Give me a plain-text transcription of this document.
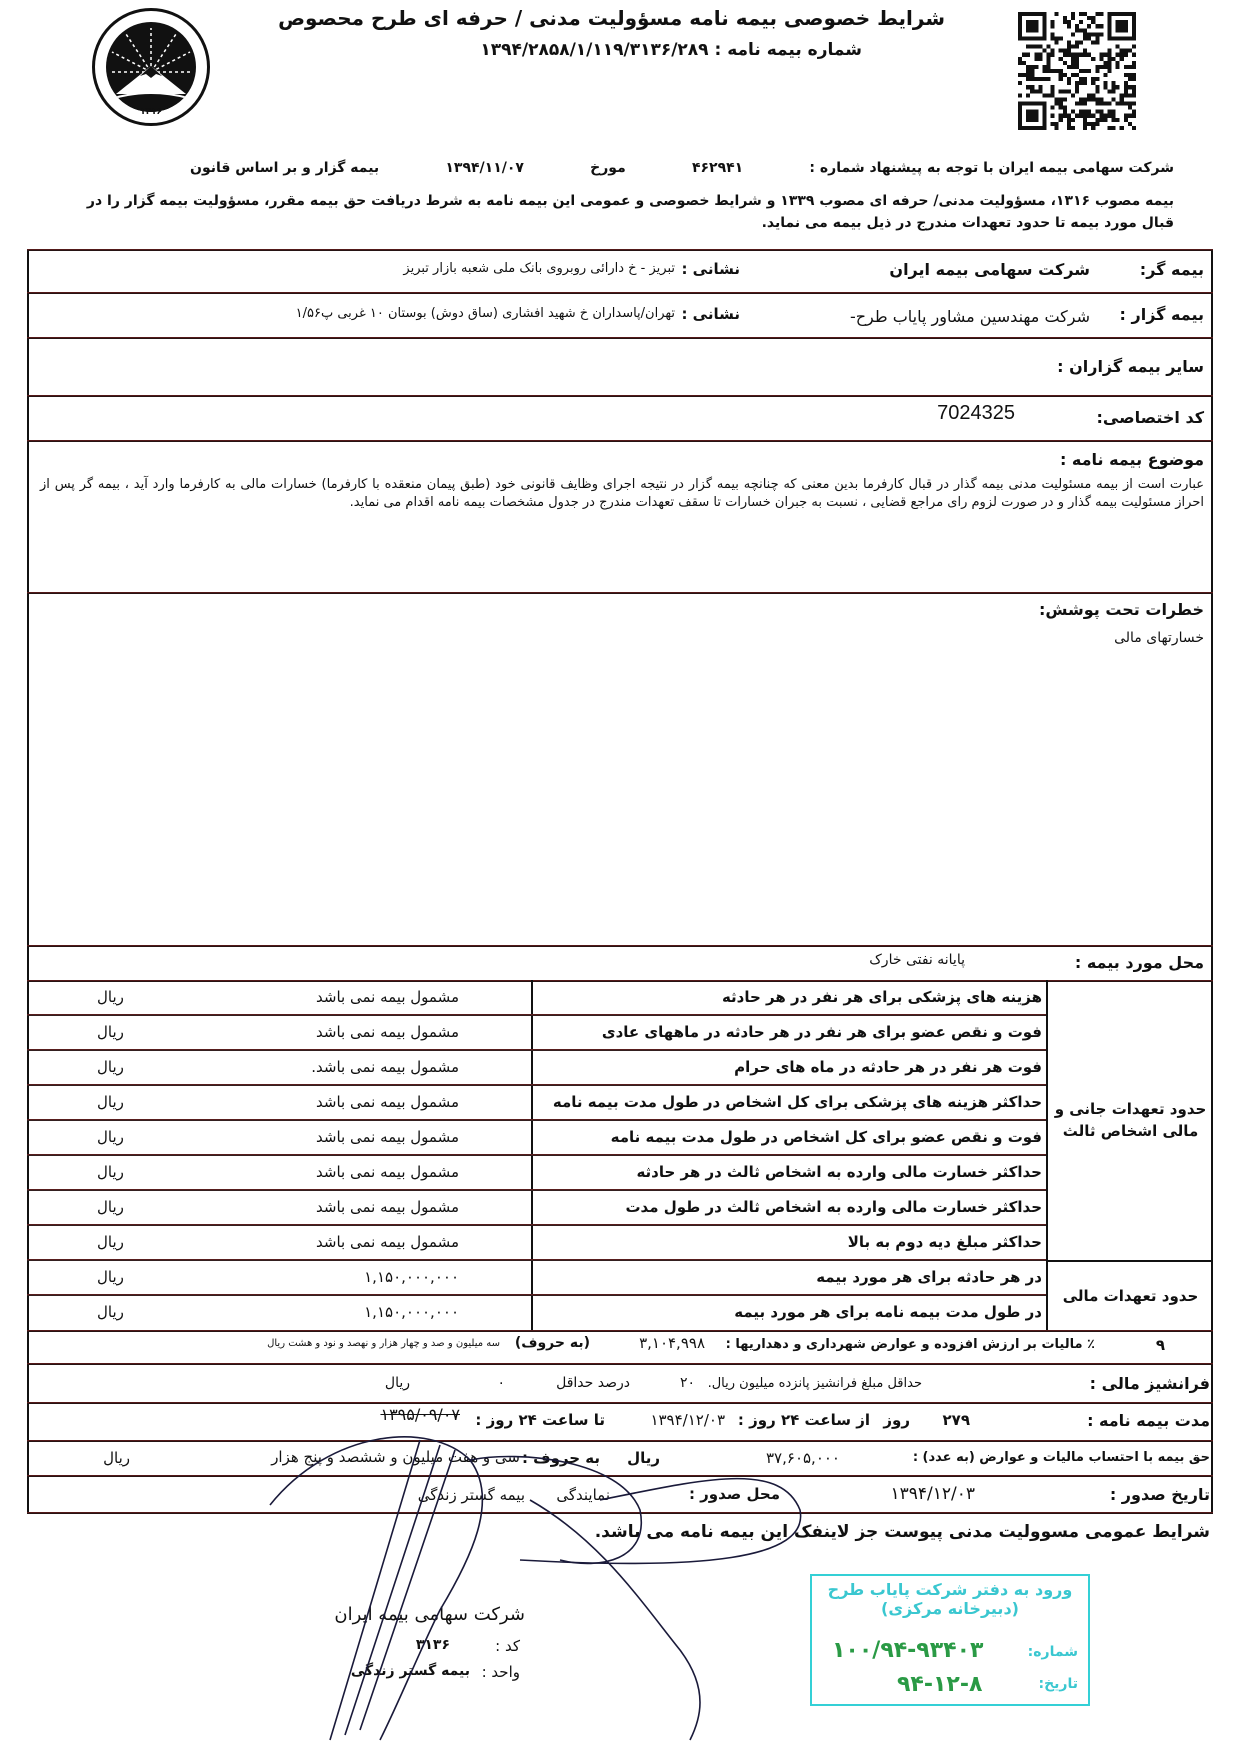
۱۳۱۶
شرایط خصوصی بیمه نامه مسؤولیت مدنی / حرفه ای طرح محصوص
شماره بیمه نامه : ۱۳۹۴/۲۸۵۸/۱/۱۱۹/۳۱۳۶/۲۸۹
شرکت سهامی بیمه ایران با توجه به پیشنهاد شماره :
۴۶۲۹۴۱
مورخ
۱۳۹۴/۱۱/۰۷
بیمه گزار و بر اساس قانون
بیمه مصوب ۱۳۱۶، مسؤولیت مدنی/ حرفه ای مصوب ۱۳۳۹ و شرایط خصوصی و عمومی این بیمه نامه به شرط دریافت حق بیمه مقرر، مسؤولیت بیمه گزار را در قبال مورد بیمه تا حدود تعهدات مندرج در ذیل بیمه می نماید.
بیمه گر:
شرکت سهامی بیمه ایران
نشانی :
تبریز - خ دارائی روبروی بانک ملی شعبه بازار تبریز
بیمه گزار :
شرکت مهندسین مشاور پایاب طرح-
نشانی :
تهران/پاسداران خ شهید افشاری (ساق دوش) بوستان ۱۰ غربی پ۱/۵۶
سایر بیمه گزاران :
کد اختصاصی:
7024325
موضوع بیمه نامه :
عبارت است از بیمه مسئولیت مدنی بیمه گذار در قبال کارفرما بدین معنی که چنانچه بیمه گزار در نتیجه اجرای وظایف قانونی خود (طبق پیمان منعقده با کارفرما) خسارات مالی به کارفرما وارد آید ، بیمه گر پس از احراز مسئولیت بیمه گذار و در صورت لزوم رای مراجع قضایی ، نسبت به جبران خسارات تا سقف تعهدات مندرج در جدول مشخصات بیمه نامه اقدام می نماید.
خطرات تحت پوشش:
خسارتهای مالی
محل مورد بیمه :
پایانه نفتی خارک
حدود تعهدات جانی و مالی اشخاص ثالث
حدود تعهدات مالی
هزینه های پزشکی برای هر نفر در هر حادثه
مشمول بیمه نمی باشد
ریال
فوت و نقص عضو برای هر نفر در هر حادثه در ماههای عادی
مشمول بیمه نمی باشد
ریال
فوت هر نفر در هر حادثه در ماه های حرام
مشمول بیمه نمی باشد.
ریال
حداکثر هزینه های پزشکی برای کل اشخاص در طول مدت بیمه نامه
مشمول بیمه نمی باشد
ریال
فوت و نقص عضو برای کل اشخاص در طول مدت بیمه نامه
مشمول بیمه نمی باشد
ریال
حداکثر خسارت مالی وارده به اشخاص ثالث در هر حادثه
مشمول بیمه نمی باشد
ریال
حداکثر خسارت مالی وارده به اشخاص ثالث در طول مدت
مشمول بیمه نمی باشد
ریال
حداکثر مبلغ دیه دوم به بالا
مشمول بیمه نمی باشد
ریال
در هر حادثه برای هر مورد بیمه
۱,۱۵۰,۰۰۰,۰۰۰
ریال
در طول مدت بیمه نامه برای هر مورد بیمه
۱,۱۵۰,۰۰۰,۰۰۰
ریال
۹
٪ مالیات بر ارزش افزوده و عوارض شهرداری و دهداریها :
۳,۱۰۴,۹۹۸
(به حروف)
سه میلیون و صد و چهار هزار و نهصد و نود و هشت ریال
فرانشیز مالی :
حداقل مبلغ فرانشیز پانزده میلیون ریال.
۲۰
درصد حداقل
۰
ریال
مدت بیمه نامه :
۲۷۹
روز
از ساعت ۲۴ روز :
۱۳۹۴/۱۲/۰۳
تا ساعت ۲۴ روز :
۱۳۹۵/۰۹/۰۷
حق بیمه با احتساب مالیات و عوارض (به عدد) :
۳۷,۶۰۵,۰۰۰
ریال
به حروف :
سی و هفت میلیون و ششصد و پنج هزار
ریال
تاریخ صدور :
۱۳۹۴/۱۲/۰۳
محل صدور :
نمایندگی
بیمه گستر زندگی
شرایط عمومی مسوولیت مدنی پیوست جز لاینفک این بیمه نامه می باشد.
شرکت سهامی بیمه ایران
کد :
۳۱۳۶
واحد :
بیمه گستر زندگی
ورود به دفتر شرکت پایاب طرح
(دبیرخانه مرکزی)
شماره:
۱۰۰/۹۴-۹۳۴۰۳
تاریخ:
۹۴-۱۲-۸
